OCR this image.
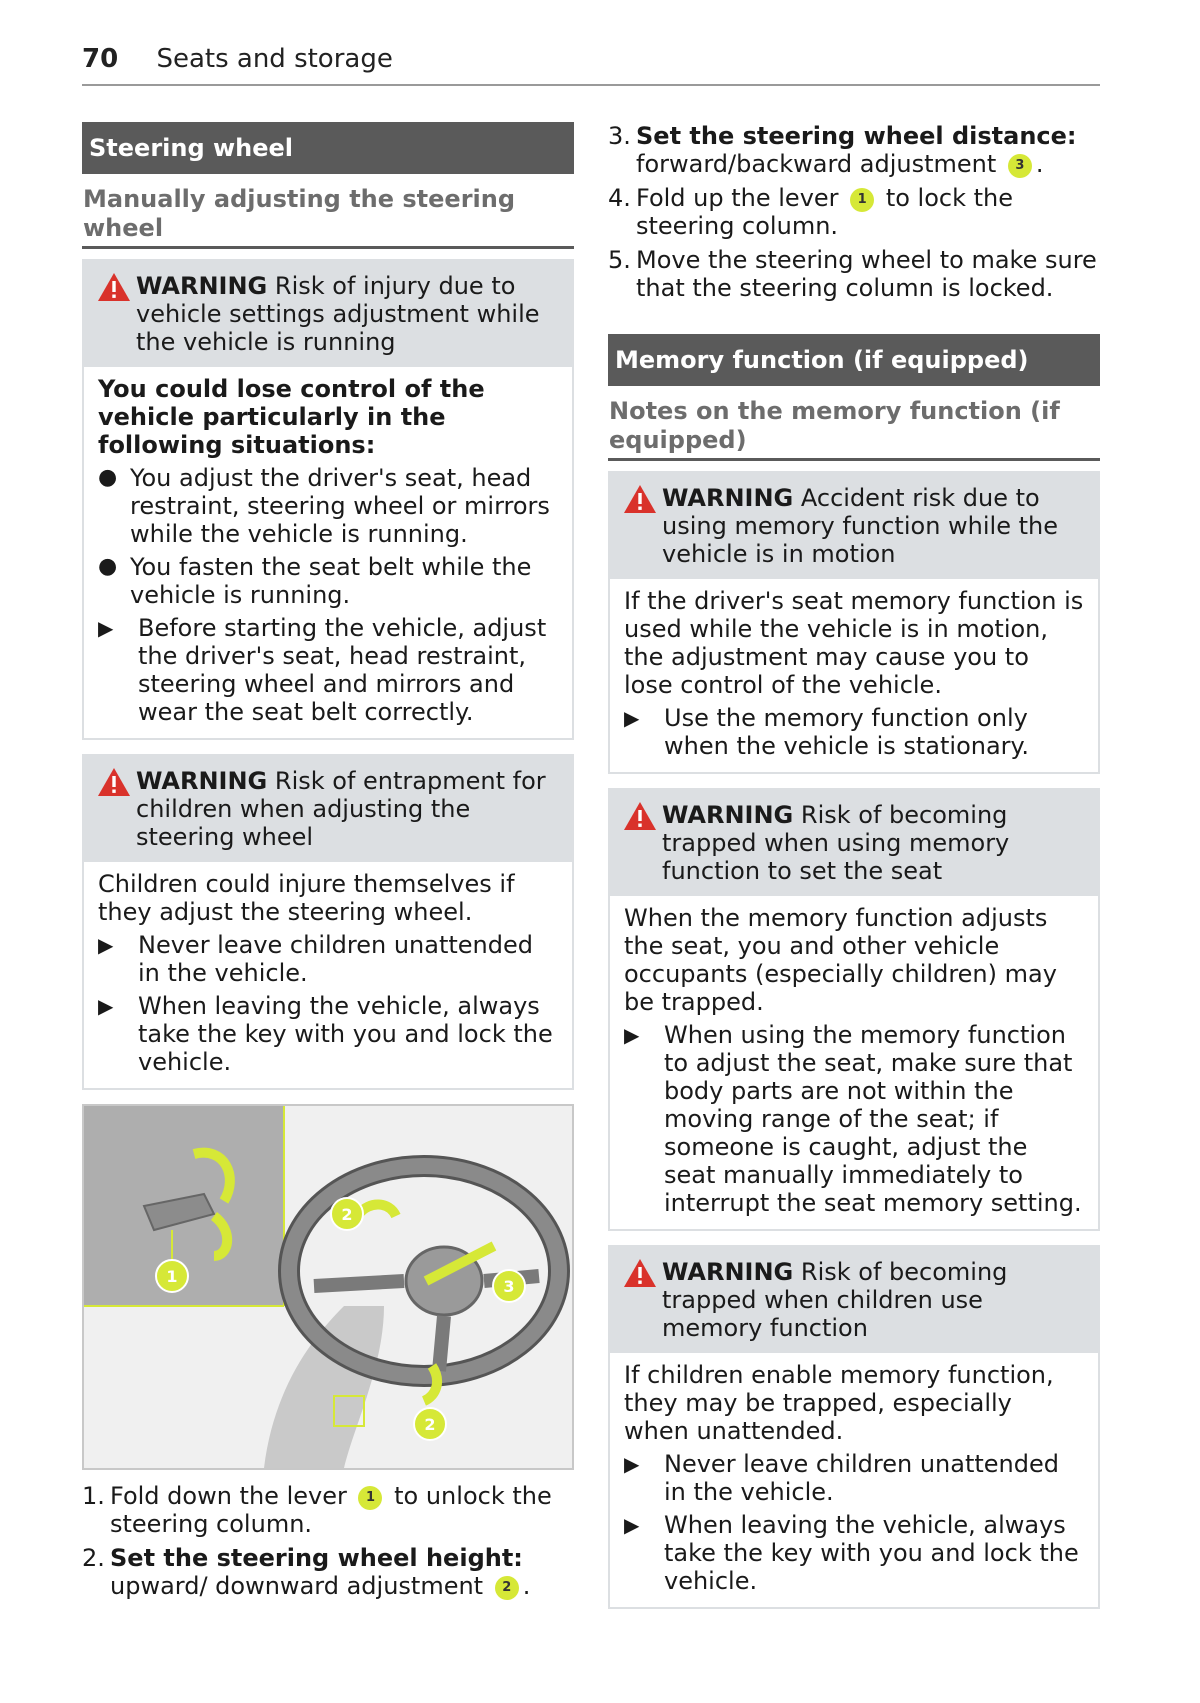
70 Seats and storage
Steering wheel
Manually adjusting the steering wheel
WARNING Risk of injury due to vehicle settings adjustment while the vehicle is running

You could lose control of the vehicle particularly in the following situations:

● You adjust the driver's seat, head restraint, steering wheel or mirrors while the vehicle is running.
● You fasten the seat belt while the vehicle is running.
▶	Before starting the vehicle, adjust the driver's seat, head restraint, steering wheel and mirrors and wear the seat belt correctly.
WARNING Risk of entrapment for children when adjusting the steering wheel

Children could injure themselves if they adjust the steering wheel.

▶	Never leave children unattended in the vehicle.
▶	When leaving the vehicle, always take the key with you and lock the vehicle.
1
2
2
3
1. Fold down the lever 1 to unlock the steering column.
2. Set the steering wheel height: upward/ downward adjustment 2 .
3. Set the steering wheel distance: forward/backward adjustment 3 .
4. Fold up the lever 1 to lock the steering column.
5. Move the steering wheel to make sure that the steering column is locked.
Memory function (if equipped)
Notes on the memory function (if equipped)
WARNING Accident risk due to using memory function while the vehicle is in motion

If the driver's seat memory function is used while the vehicle is in motion, the adjustment may cause you to lose control of the vehicle.

▶	Use the memory function only when the vehicle is stationary.
WARNING Risk of becoming trapped when using memory function to set the seat

When the memory function adjusts the seat, you and other vehicle occupants (especially children) may be trapped.

▶	When using the memory function to adjust the seat, make sure that body parts are not within the moving range of the seat; if someone is caught, adjust the seat manually immediately to interrupt the seat memory setting.
WARNING Risk of becoming trapped when children use memory function

If children enable memory function, they may be trapped, especially when unattended.

▶	Never leave children unattended in the vehicle.
▶	When leaving the vehicle, always take the key with you and lock the vehicle.
